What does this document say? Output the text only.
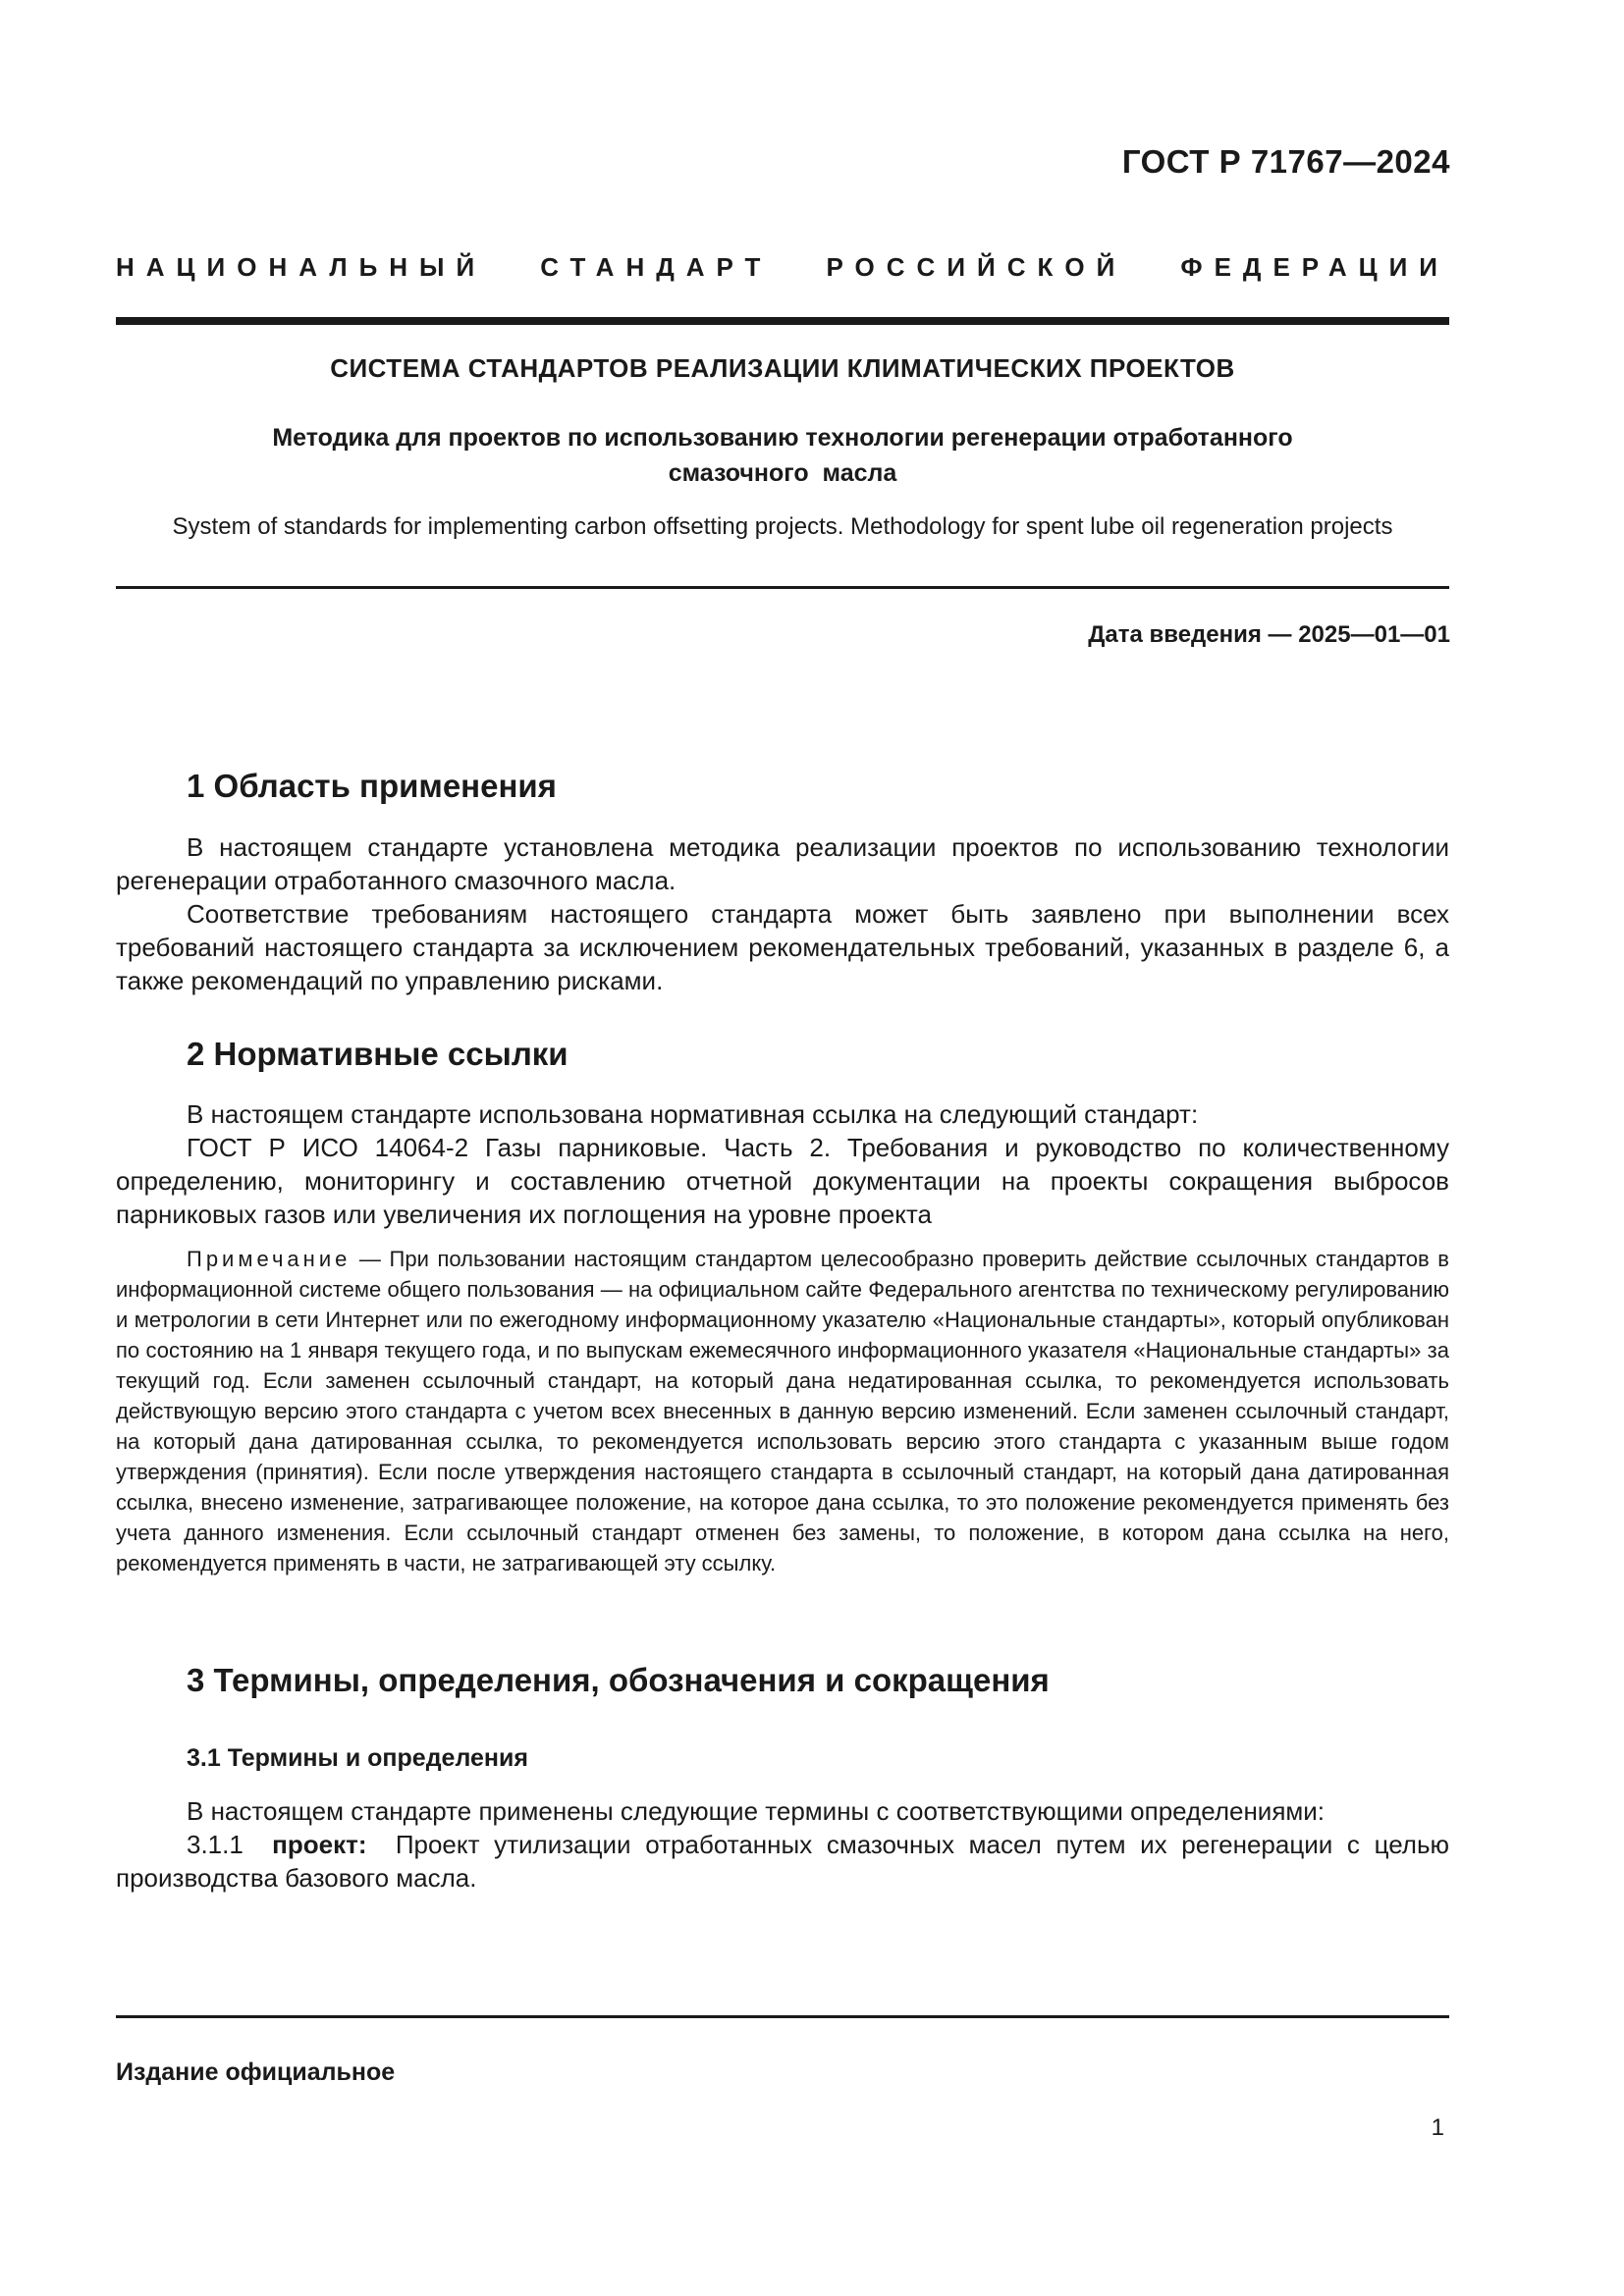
ГОСТ Р 71767—2024
НАЦИОНАЛЬНЫЙ СТАНДАРТ РОССИЙСКОЙ ФЕДЕРАЦИИ
СИСТЕМА СТАНДАРТОВ РЕАЛИЗАЦИИ КЛИМАТИЧЕСКИХ ПРОЕКТОВ
Методика для проектов по использованию технологии регенерации отработанного
смазочного  масла
System of standards for implementing carbon offsetting projects. Methodology for spent lube oil regeneration projects
Дата введения — 2025—01—01
1 Область применения
В настоящем стандарте установлена методика реализации проектов по использованию технологии регенерации отработанного смазочного масла.
Соответствие требованиям настоящего стандарта может быть заявлено при выполнении всех требований настоящего стандарта за исключением рекомендательных требований, указанных в разделе 6, а также рекомендаций по управлению рисками.
2 Нормативные ссылки
В настоящем стандарте использована нормативная ссылка на следующий стандарт:
ГОСТ Р ИСО 14064-2 Газы парниковые. Часть 2. Требования и руководство по количественному определению, мониторингу и составлению отчетной документации на проекты сокращения выбросов парниковых газов или увеличения их поглощения на уровне проекта
Примечание — При пользовании настоящим стандартом целесообразно проверить действие ссылочных стандартов в информационной системе общего пользования — на официальном сайте Федерального агентства по техническому регулированию и метрологии в сети Интернет или по ежегодному информационному указателю «Национальные стандарты», который опубликован по состоянию на 1 января текущего года, и по выпускам ежемесячного информационного указателя «Национальные стандарты» за текущий год. Если заменен ссылочный стандарт, на который дана недатированная ссылка, то рекомендуется использовать действующую версию этого стандарта с учетом всех внесенных в данную версию изменений. Если заменен ссылочный стандарт, на который дана датированная ссылка, то рекомендуется использовать версию этого стандарта с указанным выше годом утверждения (принятия). Если после утверждения настоящего стандарта в ссылочный стандарт, на который дана датированная ссылка, внесено изменение, затрагивающее положение, на которое дана ссылка, то это положение рекомендуется применять без учета данного изменения. Если ссылочный стандарт отменен без замены, то положение, в котором дана ссылка на него, рекомендуется применять в части, не затрагивающей эту ссылку.
3 Термины, определения, обозначения и сокращения
3.1 Термины и определения
В настоящем стандарте применены следующие термины с соответствующими определениями:
3.1.1 проект: Проект утилизации отработанных смазочных масел путем их регенерации с целью производства базового масла.
Издание официальное
1
